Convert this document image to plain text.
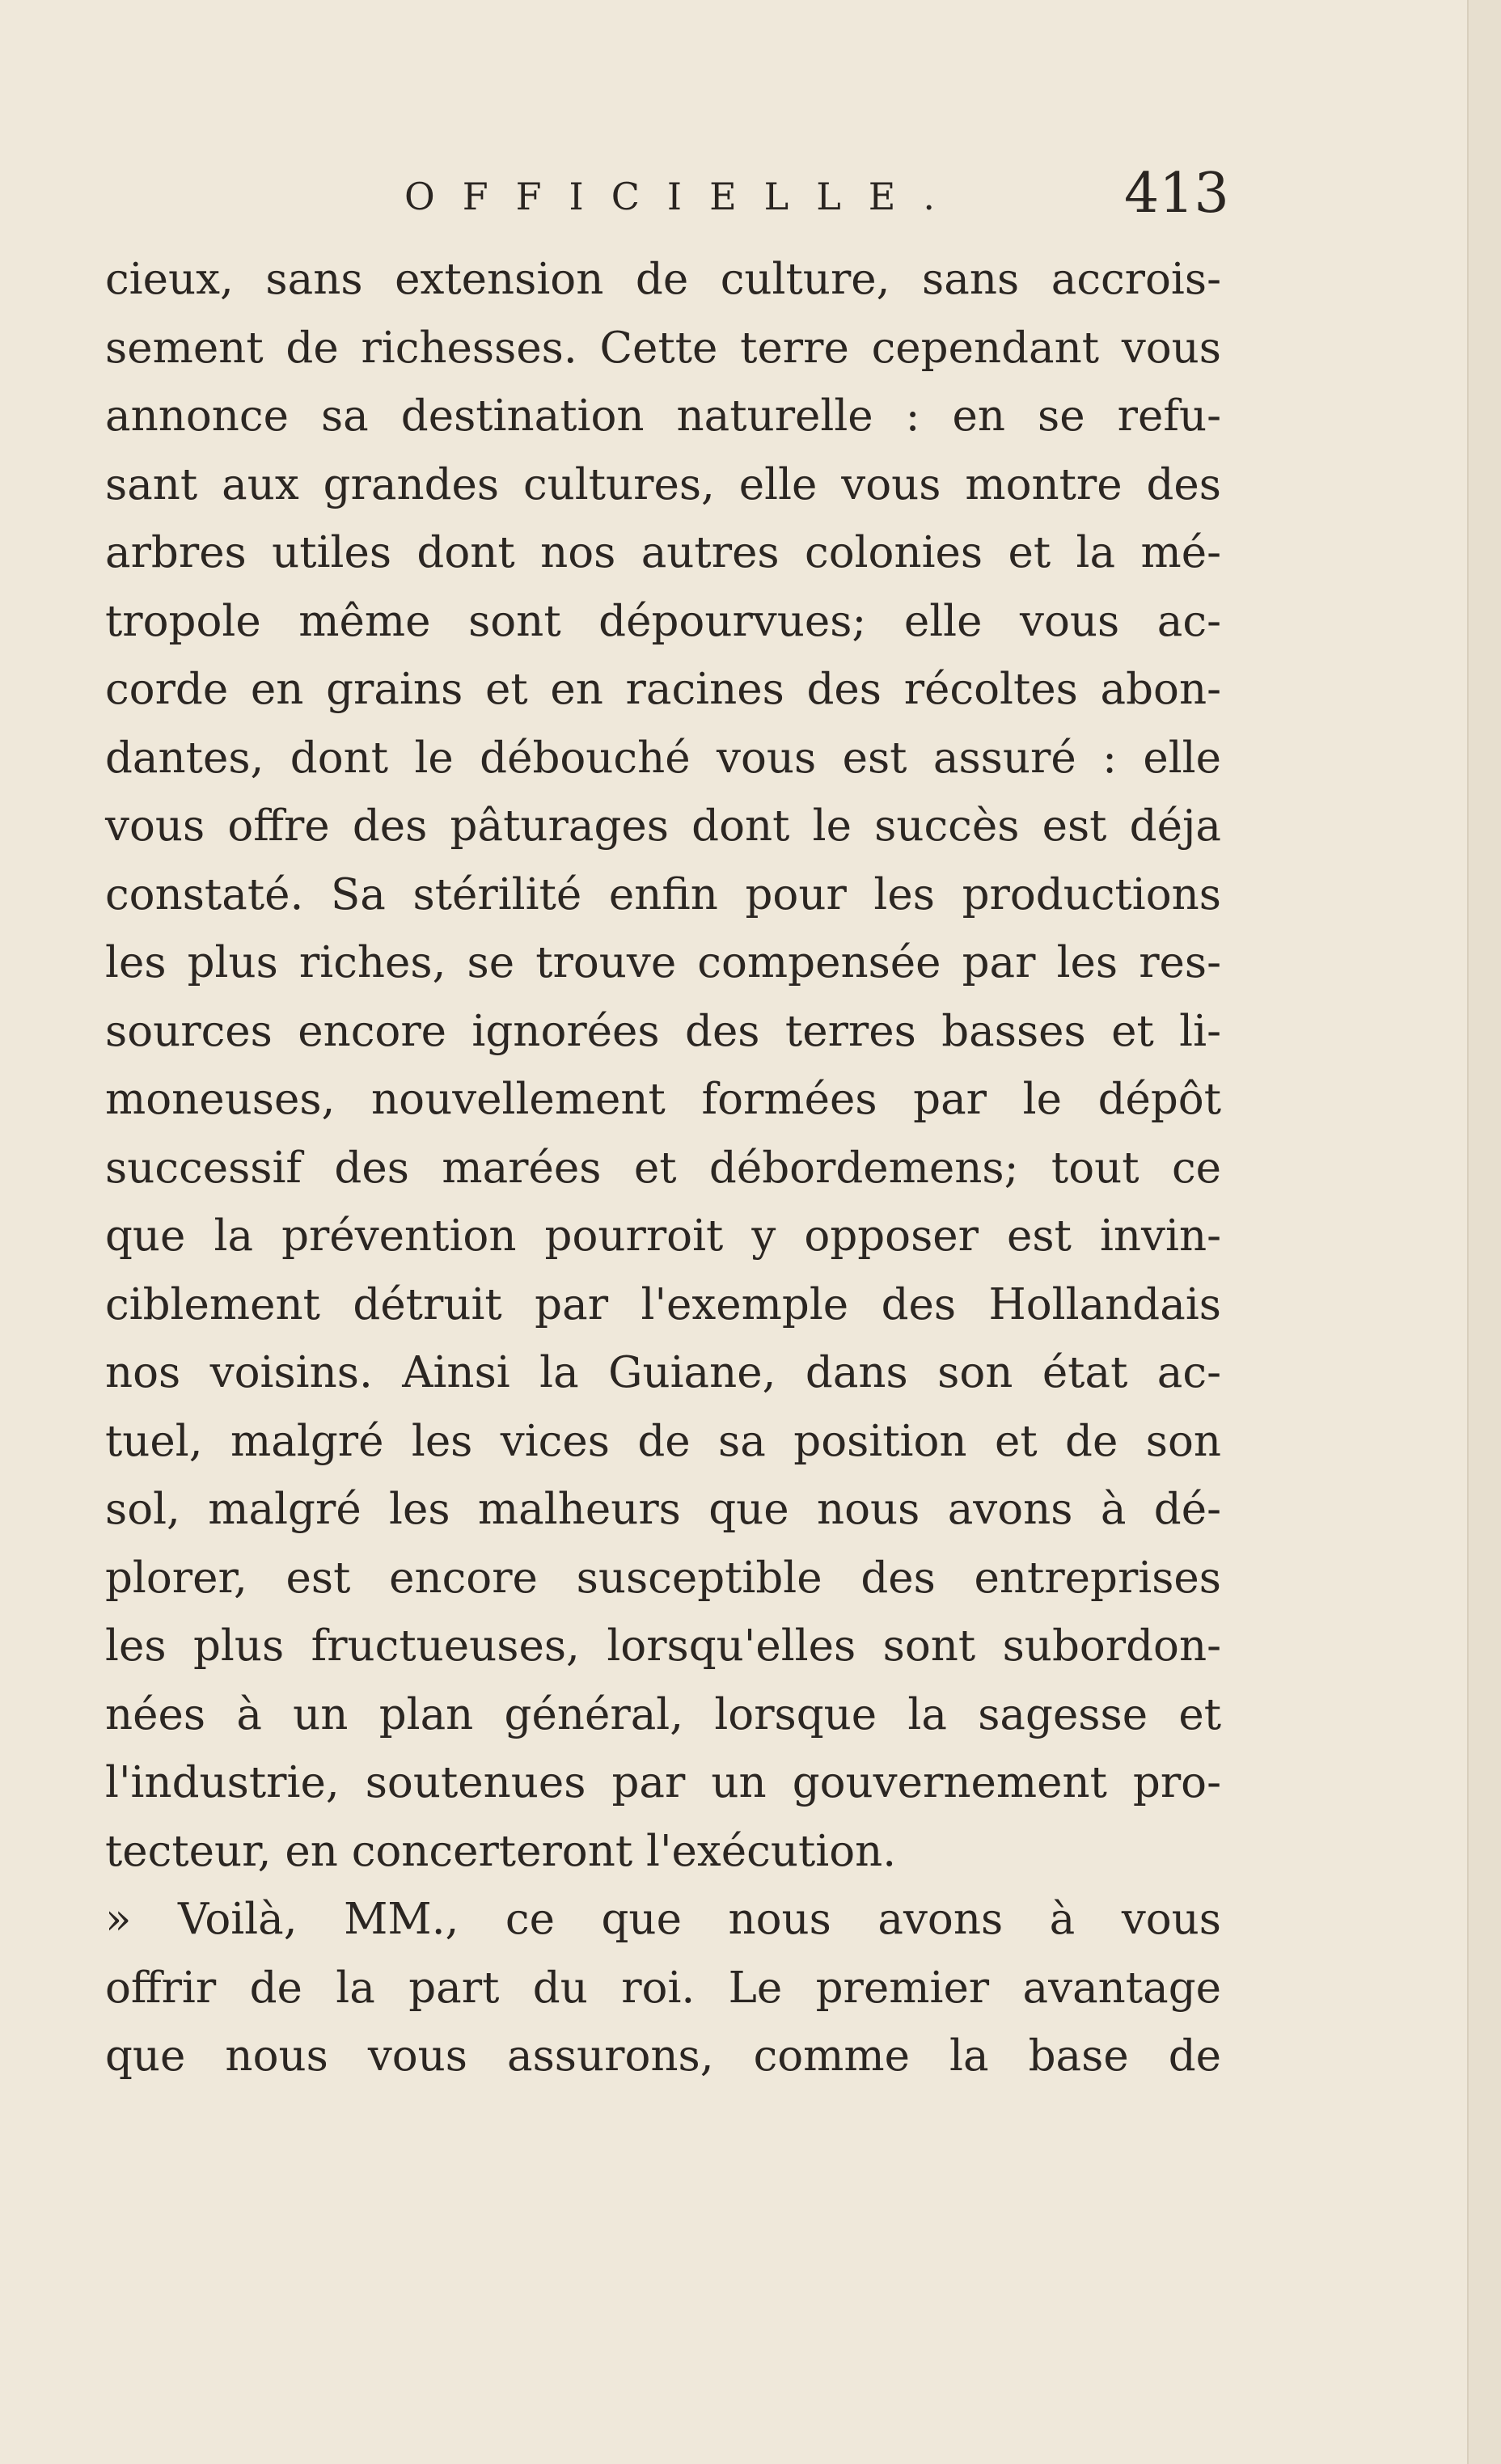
OFFICIELLE.	413
cieux, sans extension de culture, sans accrois-
sement de richesses. Cette terre cependant vous
annonce sa destination naturelle : en se refu-
sant aux grandes cultures, elle vous montre des
arbres utiles dont nos autres colonies et la mé-
tropole même sont dépourvues; elle vous ac-
corde en grains et en racines des récoltes abon-
dantes, dont le débouché vous est assuré : elle
vous offre des pâturages dont le succès est déja
constaté. Sa stérilité enfin pour les productions
les plus riches, se trouve compensée par les res-
sources encore ignorées des terres basses et li-
moneuses, nouvellement formées par le dépôt
successif des marées et débordemens; tout ce
que la prévention pourroit y opposer est invin-
ciblement détruit par l'exemple des Hollandais
nos voisins. Ainsi la Guiane, dans son état ac-
tuel, malgré les vices de sa position et de son
sol, malgré les malheurs que nous avons à dé-
plorer, est encore susceptible des entreprises
les plus fructueuses, lorsqu'elles sont subordon-
nées à un plan général, lorsque la sagesse et
l'industrie, soutenues par un gouvernement pro-
tecteur, en concerteront l'exécution.
» Voilà, MM., ce que nous avons à vous
offrir de la part du roi. Le premier avantage
que nous vous assurons, comme la base de
